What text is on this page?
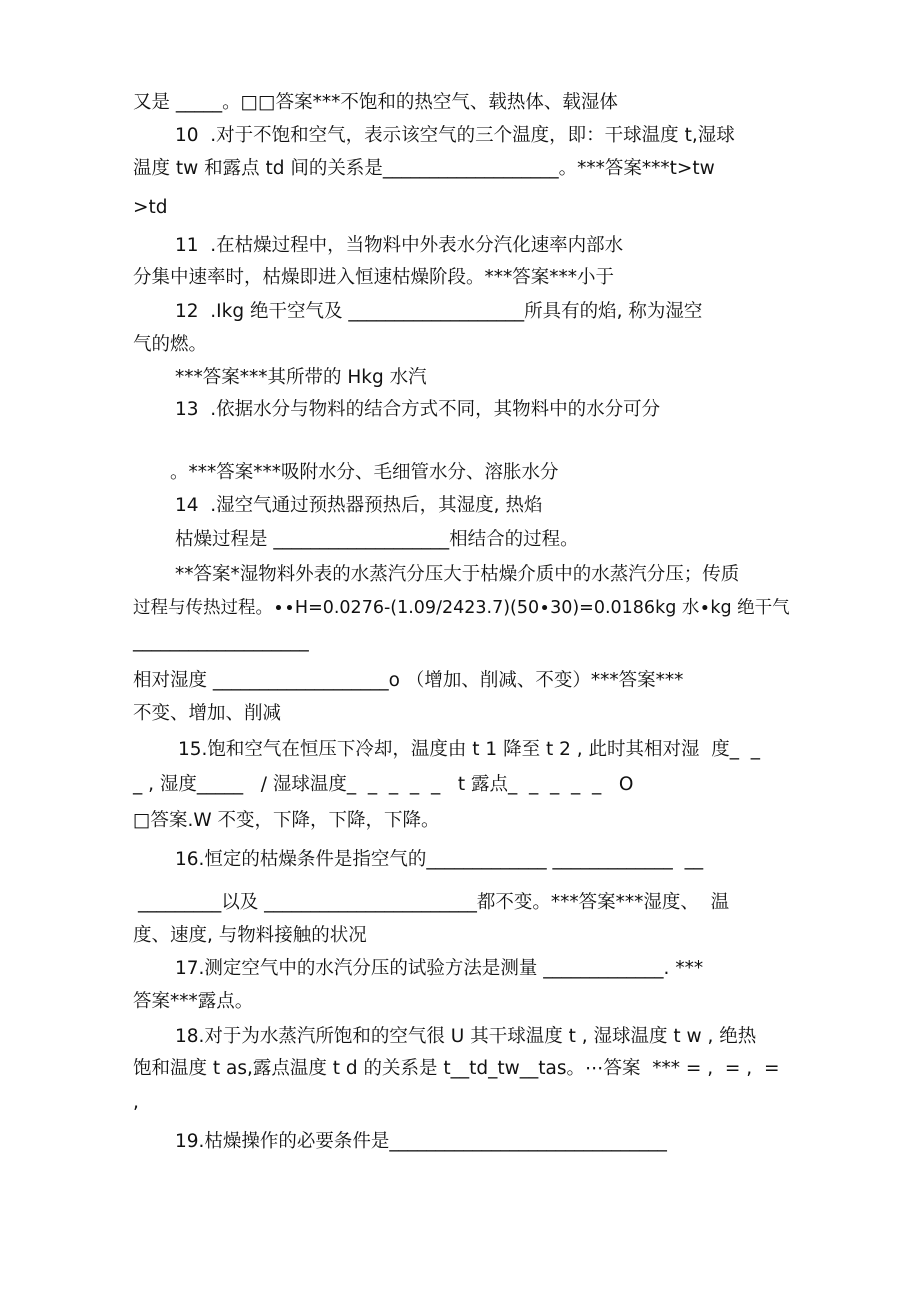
又是 _____。□□答案***不饱和的热空气、载热体、载湿体
10  .对于不饱和空气，表示该空气的三个温度，即：干球温度 t,湿球
温度 tw 和露点 td 间的关系是___________________。***答案***t>tw
>td
11  .在枯燥过程中，当物料中外表水分汽化速率内部水
分集中速率时，枯燥即进入恒速枯燥阶段。***答案***小于
12  .Ikg 绝干空气及 ___________________所具有的焰, 称为湿空
气的燃。
***答案***其所带的 Hkg 水汽
13  .依据水分与物料的结合方式不同，其物料中的水分可分
。***答案***吸附水分、毛细管水分、溶胀水分
14  .湿空气通过预热器预热后，其湿度, 热焰
枯燥过程是 ___________________相结合的过程。
**答案*湿物料外表的水蒸汽分压大于枯燥介质中的水蒸汽分压；传质
过程与传热过程。∙∙H=0.0276-(1.09∕2423.7)(50∙30)=0.0186kg 水∙kg 绝干气
___________________
相对湿度 ___________________o （增加、削减、不变）***答案***
不变、增加、削减
15.饱和空气在恒压下冷却，温度由 t 1 降至 t 2 , 此时其相对湿  度_  _
_ , 湿度_____   / 湿球温度_  _  _  _  _   t 露点_  _  _  _  _   O
□答案.W 不变，下降，下降，下降。
16.恒定的枯燥条件是指空气的_____________ _____________  __
_________以及 _______________________都不变。***答案***湿度、  温
度、速度, 与物料接触的状况
17.测定空气中的水汽分压的试验方法是测量 _____________. ***
答案***露点。
18.对于为水蒸汽所饱和的空气很 U 其干球温度 t , 湿球温度 t w , 绝热
饱和温度 t as,露点温度 t d 的关系是 t__td_tw__tas。⋯答案  *** = ,  = ,  =
,
19.枯燥操作的必要条件是______________________________
